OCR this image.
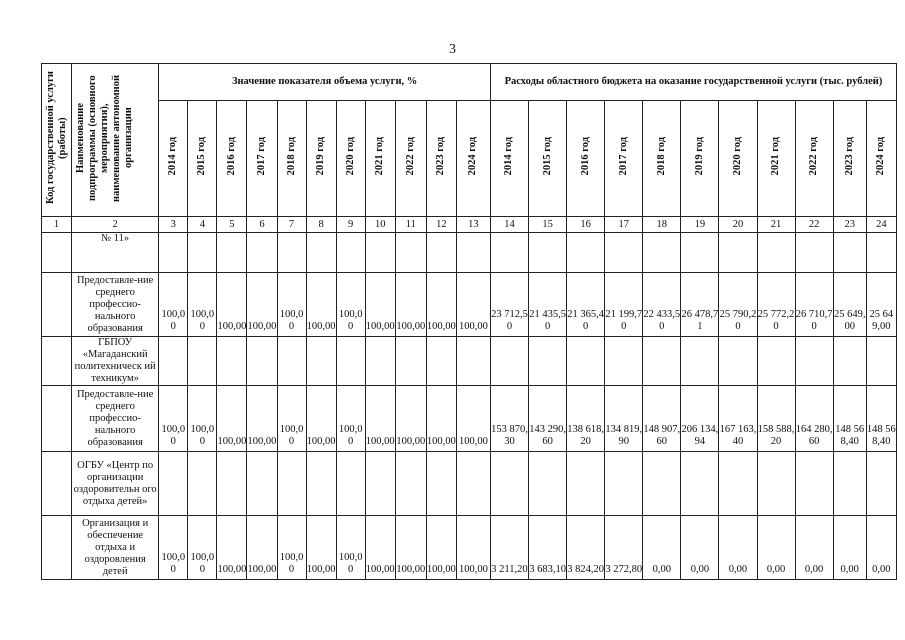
3
Код государственной услуги (работы)	Наименование подпрограммы (основного мероприятия), наименование автономной организации	Значение показателя объема услуги, %											Расходы областного бюджета на оказание государственной услуги (тыс. рублей)										
		2014 год	2015 год	2016 год	2017 год	2018 год	2019 год	2020 год	2021 год	2022 год	2023 год	2024 год	2014 год	2015 год	2016 год	2017 год	2018 год	2019 год	2020 год	2021 год	2022 год	2023 год	2024 год
1	2	3	4	5	6	7	8	9	10	11	12	13	14	15	16	17	18	19	20	21	22	23	24
	№ 11»																						
	Предоставле-ние среднего профессио-нального образования	100,00	100,00	100,00	100,00	100,00	100,00	100,00	100,00	100,00	100,00	100,00	23 712,50	21 435,50	21 365,40	21 199,70	22 433,50	26 478,71	25 790,20	25 772,20	26 710,70	25 649,00	25 649,00
	ГБПОУ «Магаданский политехническ ий техникум»																						
	Предоставле-ние среднего профессио-нального образования	100,00	100,00	100,00	100,00	100,00	100,00	100,00	100,00	100,00	100,00	100,00	153 870,30	143 290,60	138 618,20	134 819,90	148 907,60	206 134,94	167 163,40	158 588,20	164 280,60	148 568,40	148 568,40
	ОГБУ «Центр по организации оздоровительн ого отдыха детей»																						
	Организация и обеспечение отдыха и оздоровления детей	100,00	100,00	100,00	100,00	100,00	100,00	100,00	100,00	100,00	100,00	100,00	3 211,20	3 683,10	3 824,20	3 272,80	0,00	0,00	0,00	0,00	0,00	0,00	0,00
